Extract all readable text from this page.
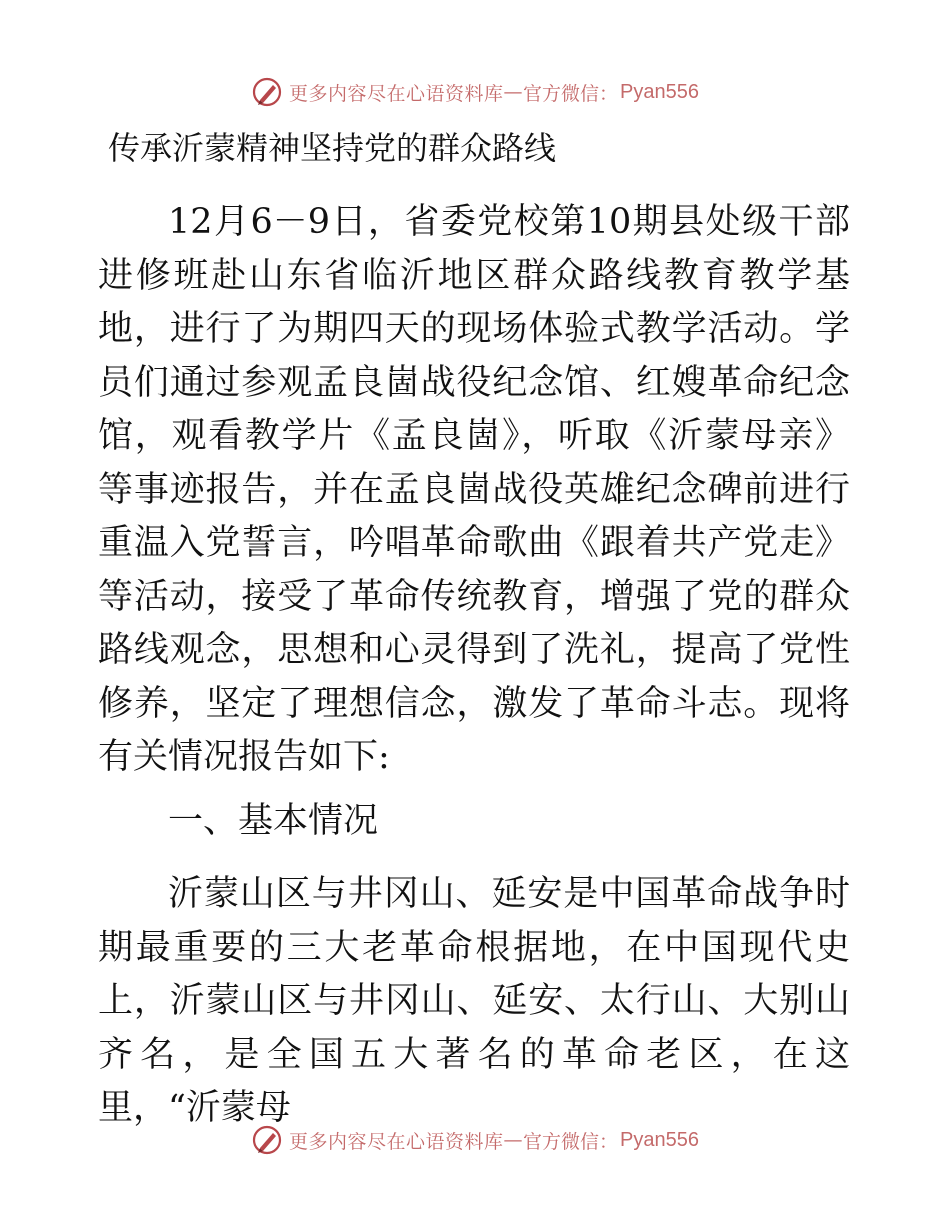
更多内容尽在心语资料库 — 官方微信： Pyan556
传承沂蒙精神坚持党的群众路线

12月6－9日，省委党校第10期县处级干部进修班赴山东省临沂地区群众路线教育教学基地，进行了为期四天的现场体验式教学活动。学员们通过参观孟良崮战役纪念馆、红嫂革命纪念馆，观看教学片《孟良崮》，听取《沂蒙母亲》等事迹报告，并在孟良崮战役英雄纪念碑前进行重温入党誓言，吟唱革命歌曲《跟着共产党走》等活动，接受了革命传统教育，增强了党的群众路线观念，思想和心灵得到了洗礼，提高了党性修养，坚定了理想信念，激发了革命斗志。现将有关情况报告如下:

一、基本情况

沂蒙山区与井冈山、延安是中国革命战争时期最重要的三大老革命根据地，在中国现代史上，沂蒙山区与井冈山、延安、太行山、大别山齐名，是全国五大著名的革命老区，在这里，“沂蒙母

更多内容尽在心语资料库 — 官方微信： Pyan556
